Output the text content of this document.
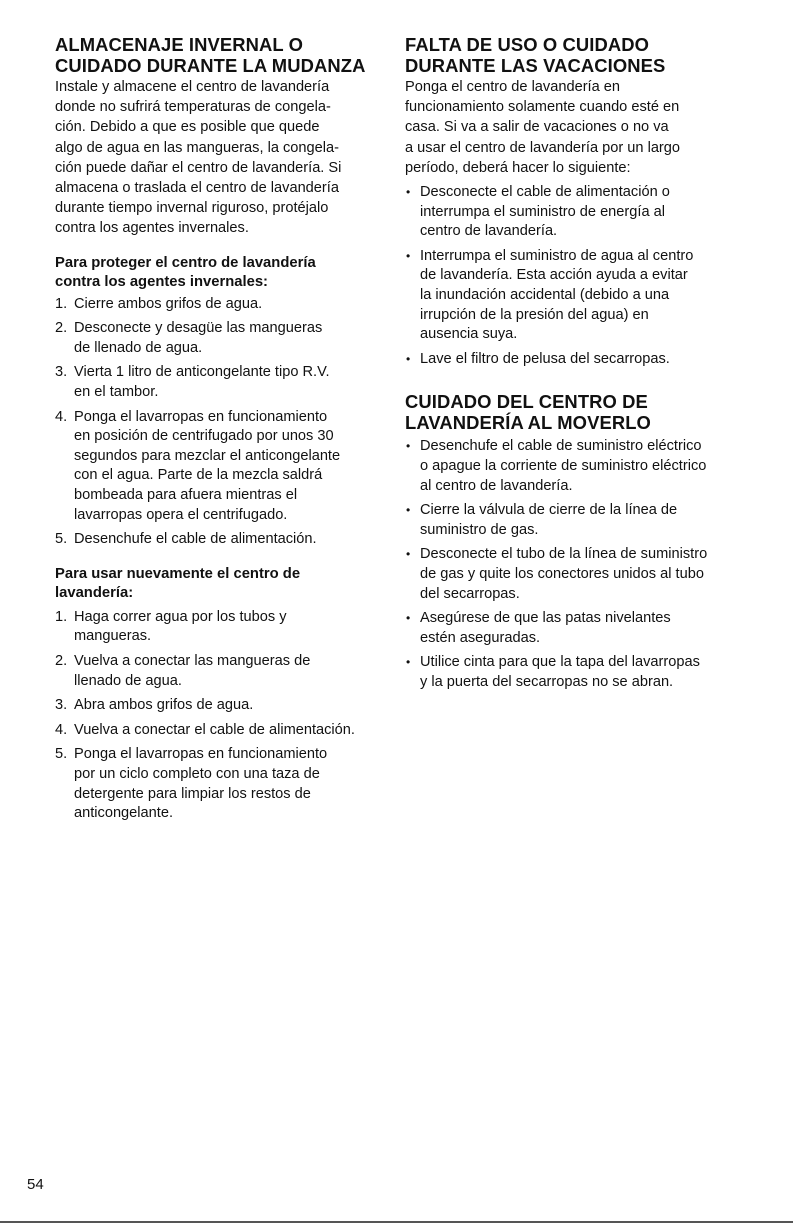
ALMACENAJE INVERNAL O
CUIDADO DURANTE LA MUDANZA

Instale y almacene el centro de lavandería
donde no sufrirá temperaturas de congela-
ción. Debido a que es posible que quede
algo de agua en las mangueras, la congela-
ción puede dañar el centro de lavandería. Si
almacena o traslada el centro de lavandería
durante tiempo invernal riguroso, protéjalo
contra los agentes invernales.

Para proteger el centro de lavandería
contra los agentes invernales:
1. Cierre ambos grifos de agua.
2. Desconecte y desagüe las mangueras
de llenado de agua.
3. Vierta 1 litro de anticongelante tipo R.V.
en el tambor.
4. Ponga el lavarropas en funcionamiento
en posición de centrifugado por unos 30
segundos para mezclar el anticongelante
con el agua. Parte de la mezcla saldrá
bombeada para afuera mientras el
lavarropas opera el centrifugado.
5. Desenchufe el cable de alimentación.
Para usar nuevamente el centro de
lavandería:
1. Haga correr agua por los tubos y
mangueras.
2. Vuelva a conectar las mangueras de
llenado de agua.
3. Abra ambos grifos de agua.
4. Vuelva a conectar el cable de alimentación.
5. Ponga el lavarropas en funcionamiento
por un ciclo completo con una taza de
detergente para limpiar los restos de
anticongelante.
FALTA DE USO O CUIDADO
DURANTE LAS VACACIONES

Ponga el centro de lavandería en
funcionamiento solamente cuando esté en
casa. Si va a salir de vacaciones o no va
a usar el centro de lavandería por un largo
período, deberá hacer lo siguiente:

• Desconecte el cable de alimentación o
interrumpa el suministro de energía al
centro de lavandería.
• Interrumpa el suministro de agua al centro
de lavandería. Esta acción ayuda a evitar
la inundación accidental (debido a una
irrupción de la presión del agua) en
ausencia suya.
• Lave el filtro de pelusa del secarropas.
CUIDADO DEL CENTRO DE
LAVANDERÍA AL MOVERLO
• Desenchufe el cable de suministro eléctrico
o apague la corriente de suministro eléctrico
al centro de lavandería.
• Cierre la válvula de cierre de la línea de
suministro de gas.
• Desconecte el tubo de la línea de suministro
de gas y quite los conectores unidos al tubo
del secarropas.
• Asegúrese de que las patas nivelantes
estén aseguradas.
• Utilice cinta para que la tapa del lavarropas
y la puerta del secarropas no se abran.
54
